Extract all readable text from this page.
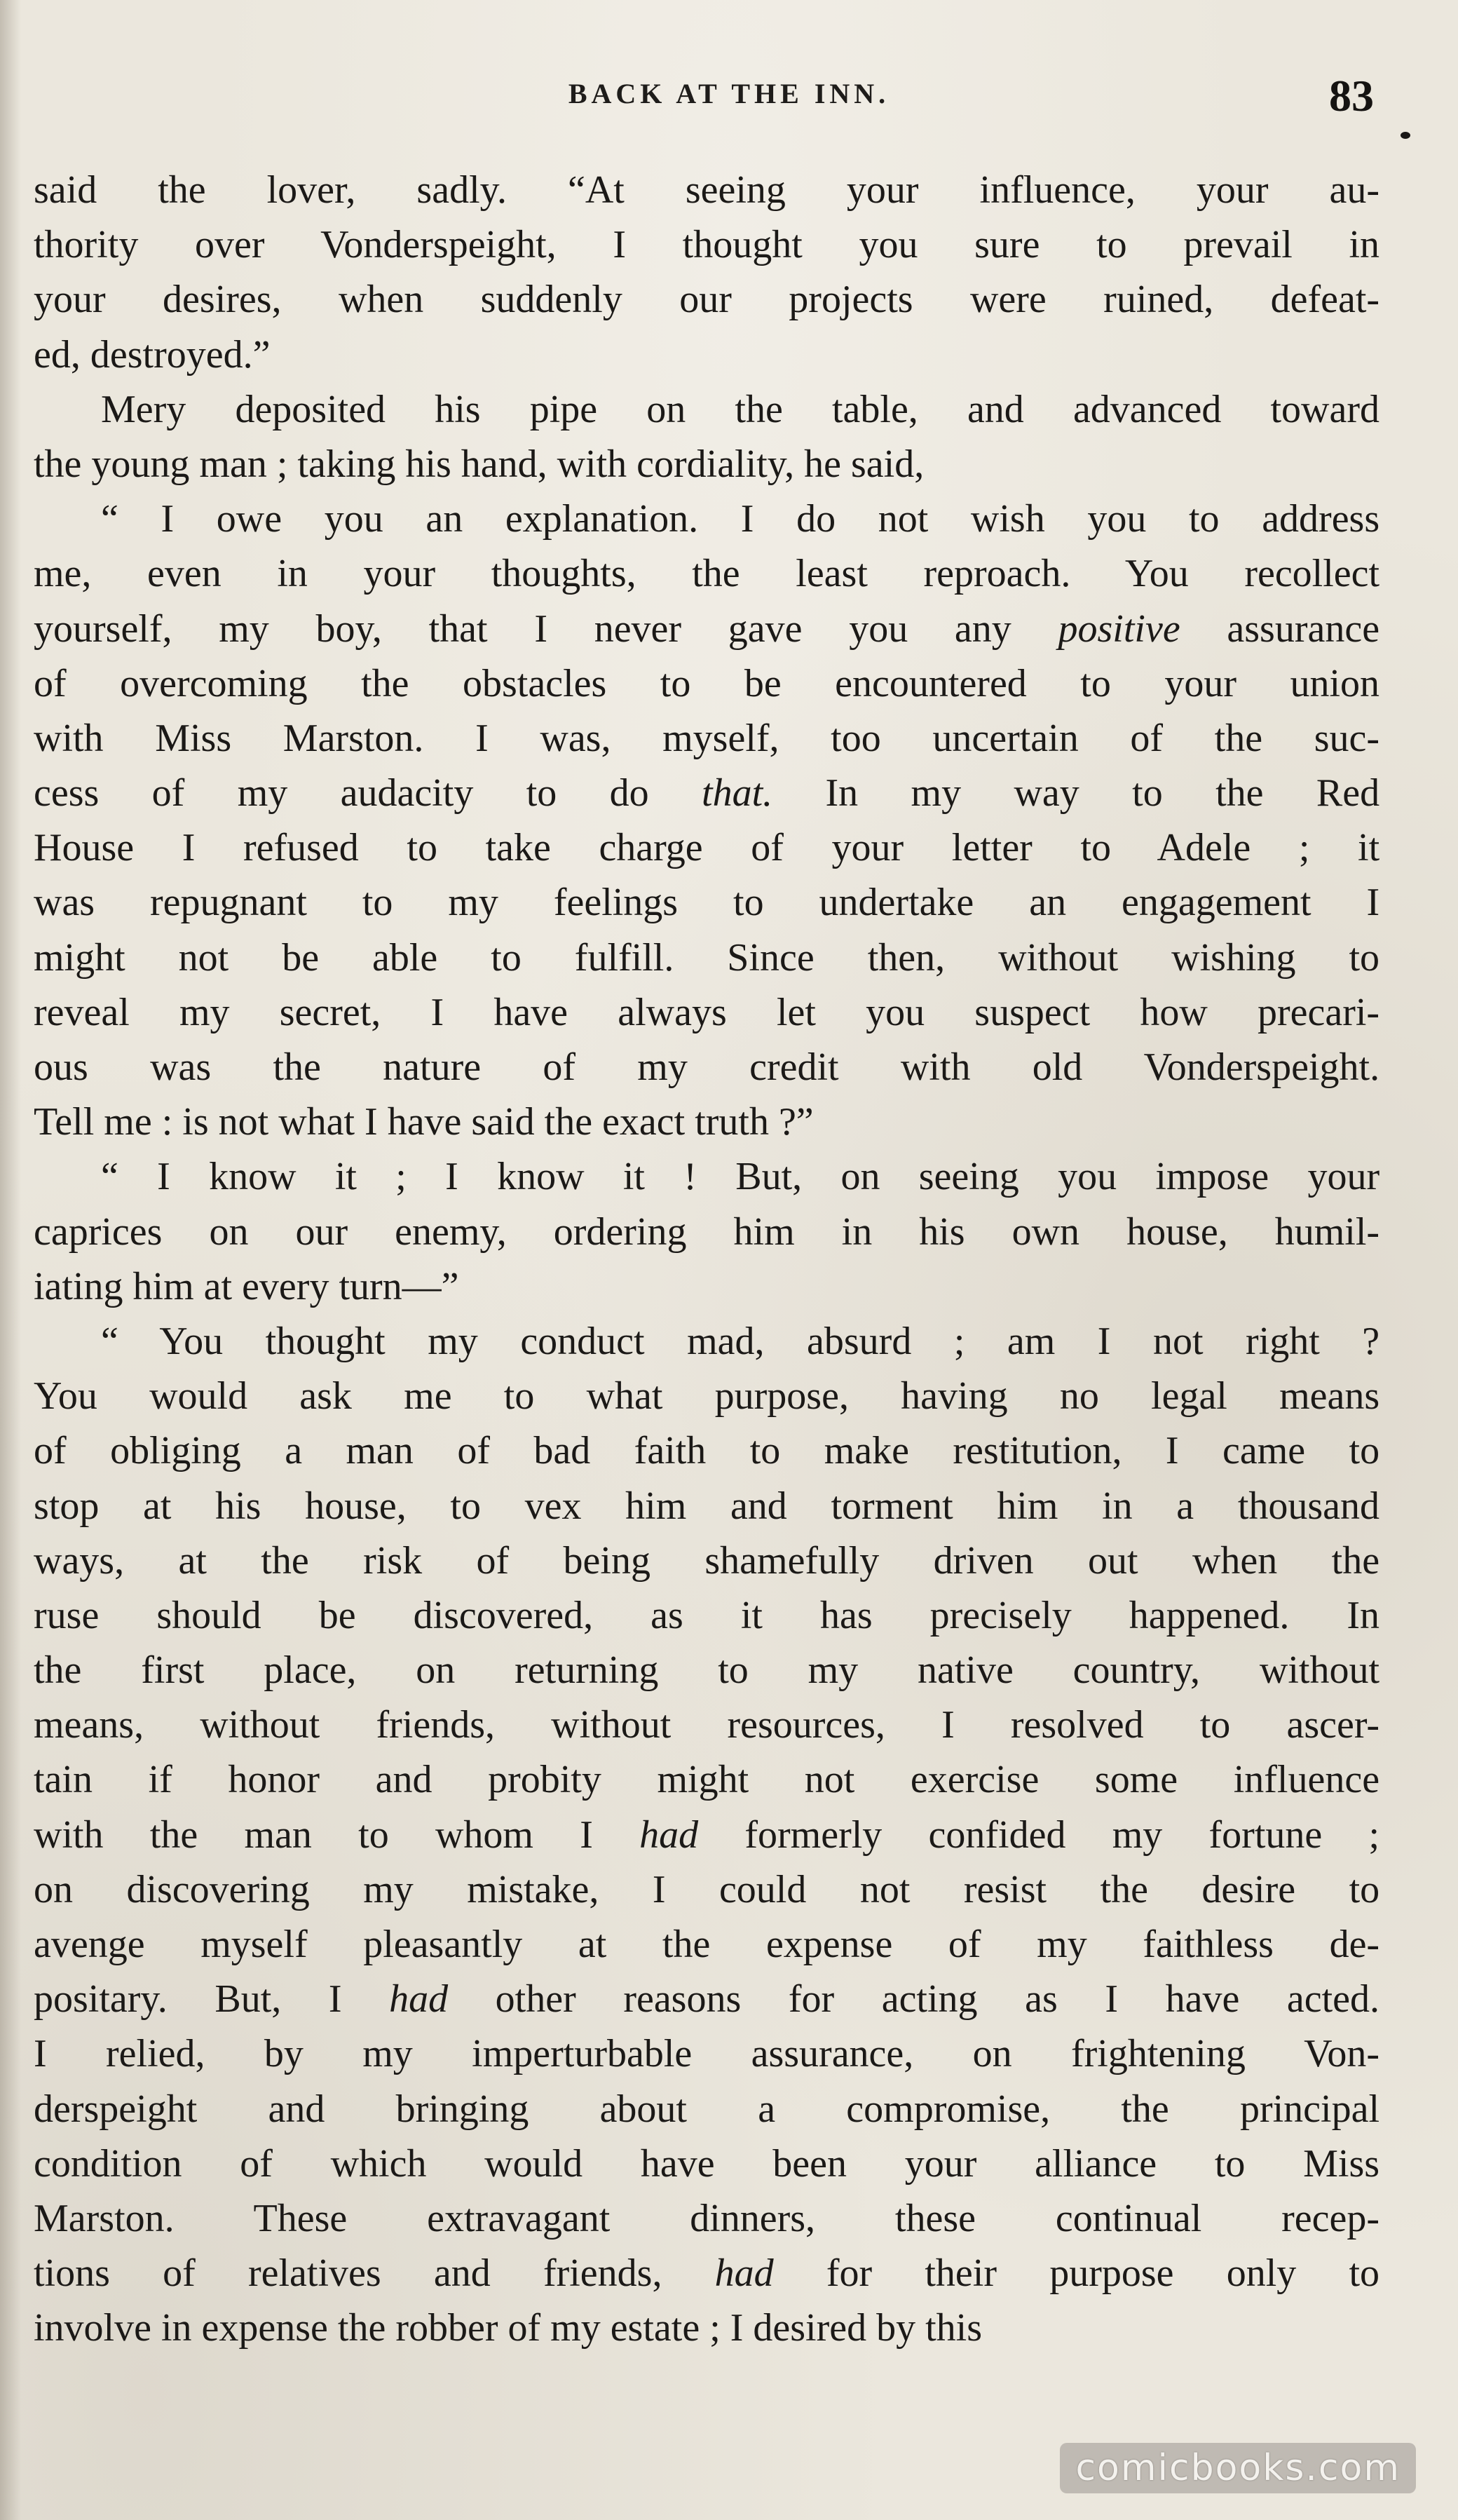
BACK AT THE INN.	83
said the lover, sadly. “At seeing your influence, your au-
thority over Vonderspeight, I thought you sure to prevail in
your desires, when suddenly our projects were ruined, defeat-
ed, destroyed.”
Mery deposited his pipe on the table, and advanced toward
the young man ; taking his hand, with cordiality, he said,
“ I owe you an explanation. I do not wish you to address
me, even in your thoughts, the least reproach. You recollect
yourself, my boy, that I never gave you any positive assurance
of overcoming the obstacles to be encountered to your union
with Miss Marston. I was, myself, too uncertain of the suc-
cess of my audacity to do that. In my way to the Red
House I refused to take charge of your letter to Adele ; it
was repugnant to my feelings to undertake an engagement I
might not be able to fulfill. Since then, without wishing to
reveal my secret, I have always let you suspect how precari-
ous was the nature of my credit with old Vonderspeight.
Tell me : is not what I have said the exact truth ?”
“ I know it ; I know it ! But, on seeing you impose your
caprices on our enemy, ordering him in his own house, humil-
iating him at every turn—”
“ You thought my conduct mad, absurd ; am I not right ?
You would ask me to what purpose, having no legal means
of obliging a man of bad faith to make restitution, I came to
stop at his house, to vex him and torment him in a thousand
ways, at the risk of being shamefully driven out when the
ruse should be discovered, as it has precisely happened. In
the first place, on returning to my native country, without
means, without friends, without resources, I resolved to ascer-
tain if honor and probity might not exercise some influence
with the man to whom I had formerly confided my fortune ;
on discovering my mistake, I could not resist the desire to
avenge myself pleasantly at the expense of my faithless de-
positary. But, I had other reasons for acting as I have acted.
I relied, by my imperturbable assurance, on frightening Von-
derspeight and bringing about a compromise, the principal
condition of which would have been your alliance to Miss
Marston. These extravagant dinners, these continual recep-
tions of relatives and friends, had for their purpose only to
involve in expense the robber of my estate ; I desired by this
comicbooks.com
